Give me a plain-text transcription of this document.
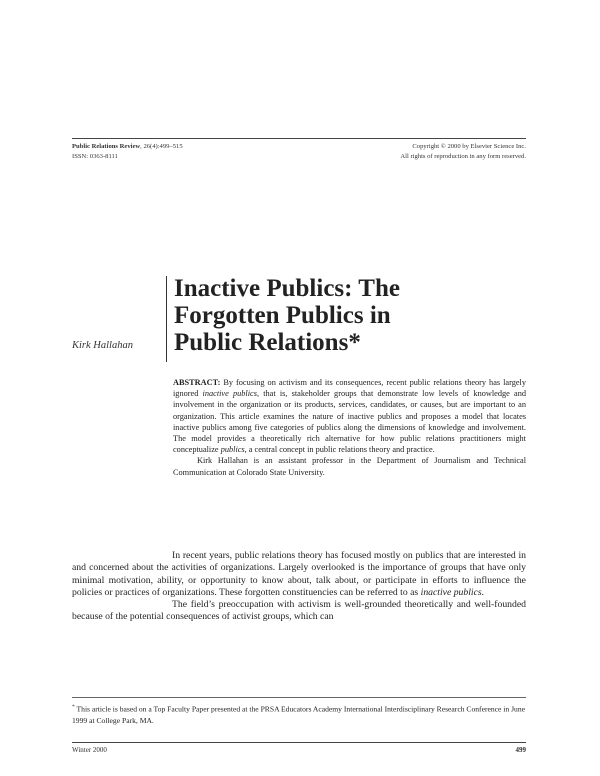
Public Relations Review, 26(4):499–515
ISSN: 0363-8111
Copyright © 2000 by Elsevier Science Inc.
All rights of reproduction in any form reserved.
Kirk Hallahan
Inactive Publics: The
Forgotten Publics in
Public Relations*

ABSTRACT: By focusing on activism and its consequences, recent public relations theory has largely ignored inactive publics, that is, stakeholder groups that demonstrate low levels of knowledge and involvement in the organization or its products, services, candidates, or causes, but are important to an organization. This article examines the nature of inactive publics and proposes a model that locates inactive publics among five categories of publics along the dimensions of knowledge and involvement. The model provides a theoretically rich alternative for how public relations practitioners might conceptualize publics, a central concept in public relations theory and practice.

Kirk Hallahan is an assistant professor in the Department of Journalism and Technical Communication at Colorado State University.

In recent years, public relations theory has focused mostly on publics that are interested in and concerned about the activities of organizations. Largely overlooked is the importance of groups that have only minimal motivation, ability, or opportunity to know about, talk about, or participate in efforts to influence the policies or practices of organizations. These forgotten constituencies can be referred to as inactive publics.

The field’s preoccupation with activism is well-grounded theoretically and well-founded because of the potential consequences of activist groups, which can

* This article is based on a Top Faculty Paper presented at the PRSA Educators Academy International Interdisciplinary Research Conference in June 1999 at College Park, MA.
Winter 2000	499
